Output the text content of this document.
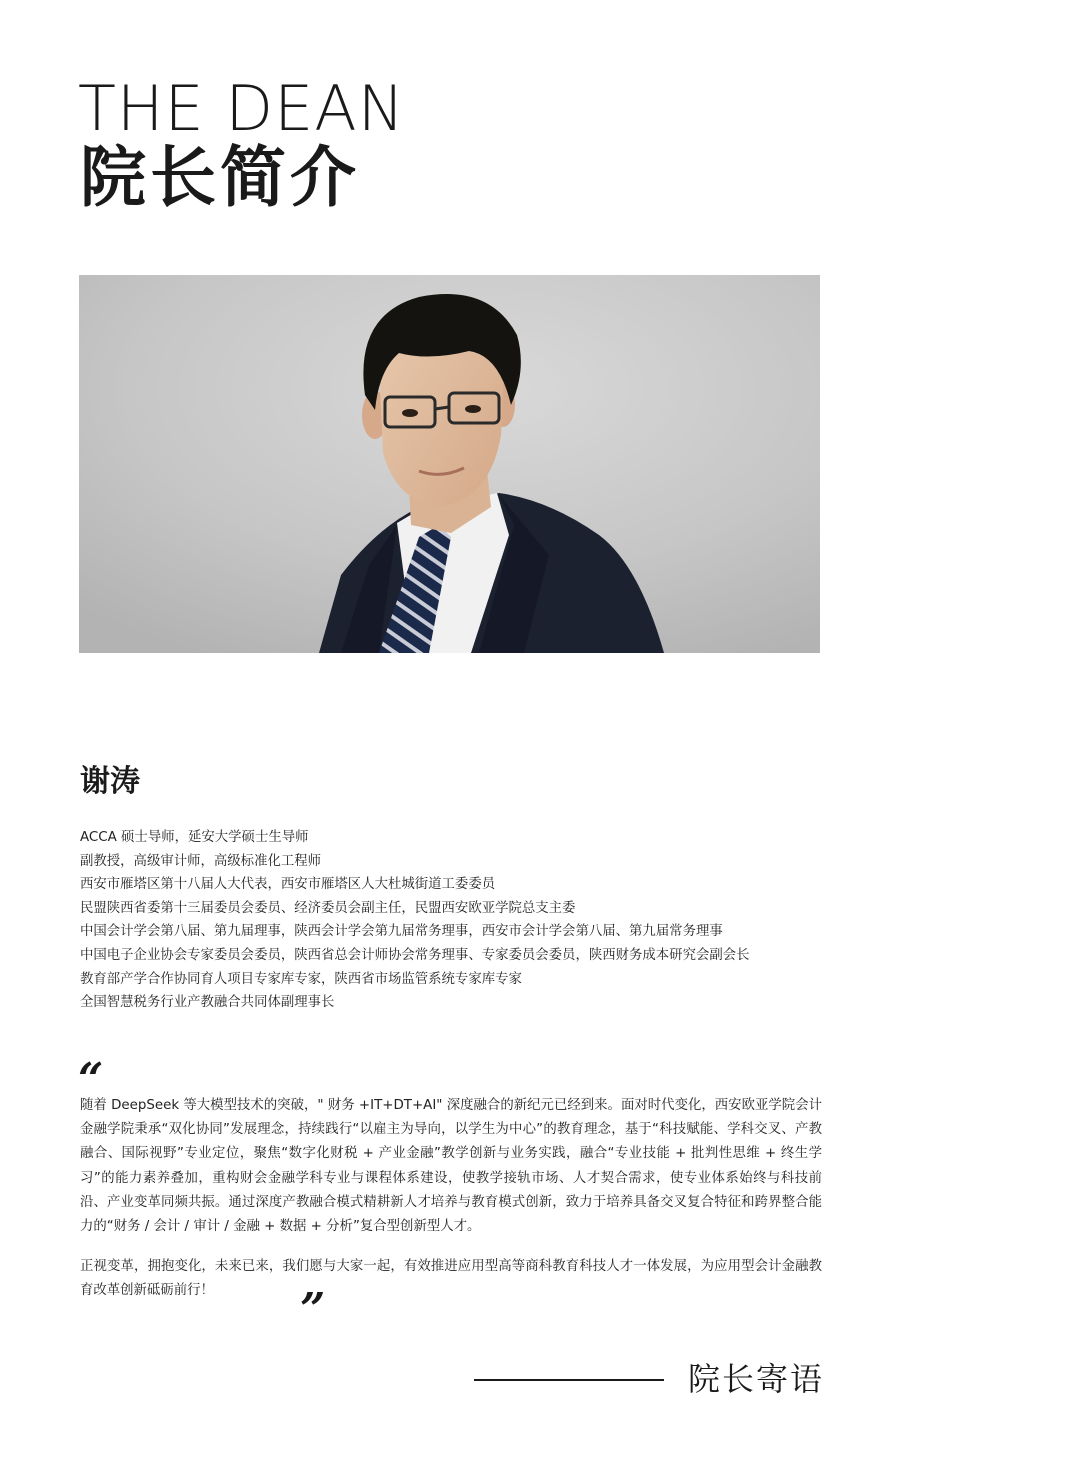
THE DEAN
院长简介
谢涛
ACCA 硕士导师，延安大学硕士生导师
副教授，高级审计师，高级标准化工程师
西安市雁塔区第十八届人大代表，西安市雁塔区人大杜城街道工委委员
民盟陕西省委第十三届委员会委员、经济委员会副主任，民盟西安欧亚学院总支主委
中国会计学会第八届、第九届理事，陕西会计学会第九届常务理事，西安市会计学会第八届、第九届常务理事
中国电子企业协会专家委员会委员，陕西省总会计师协会常务理事、专家委员会委员，陕西财务成本研究会副会长
教育部产学合作协同育人项目专家库专家，陕西省市场监管系统专家库专家
全国智慧税务行业产教融合共同体副理事长
“

随着 DeepSeek 等大模型技术的突破，" 财务 +IT+DT+AI" 深度融合的新纪元已经到来。面对时代变化，西安欧亚学院会计金融学院秉承“双化协同”发展理念，持续践行“以雇主为导向，以学生为中心”的教育理念，基于“科技赋能、学科交叉、产教融合、国际视野”专业定位，聚焦“数字化财税 + 产业金融”教学创新与业务实践，融合“专业技能 + 批判性思维 + 终生学习”的能力素养叠加，重构财会金融学科专业与课程体系建设，使教学接轨市场、人才契合需求，使专业体系始终与科技前沿、产业变革同频共振。通过深度产教融合模式精耕新人才培养与教育模式创新，致力于培养具备交叉复合特征和跨界整合能力的“财务 / 会计 / 审计 / 金融 + 数据 + 分析”复合型创新型人才。

正视变革，拥抱变化，未来已来，我们愿与大家一起，有效推进应用型高等商科教育科技人才一体发展，为应用型会计金融教育改革创新砥砺前行！	”
院长寄语
